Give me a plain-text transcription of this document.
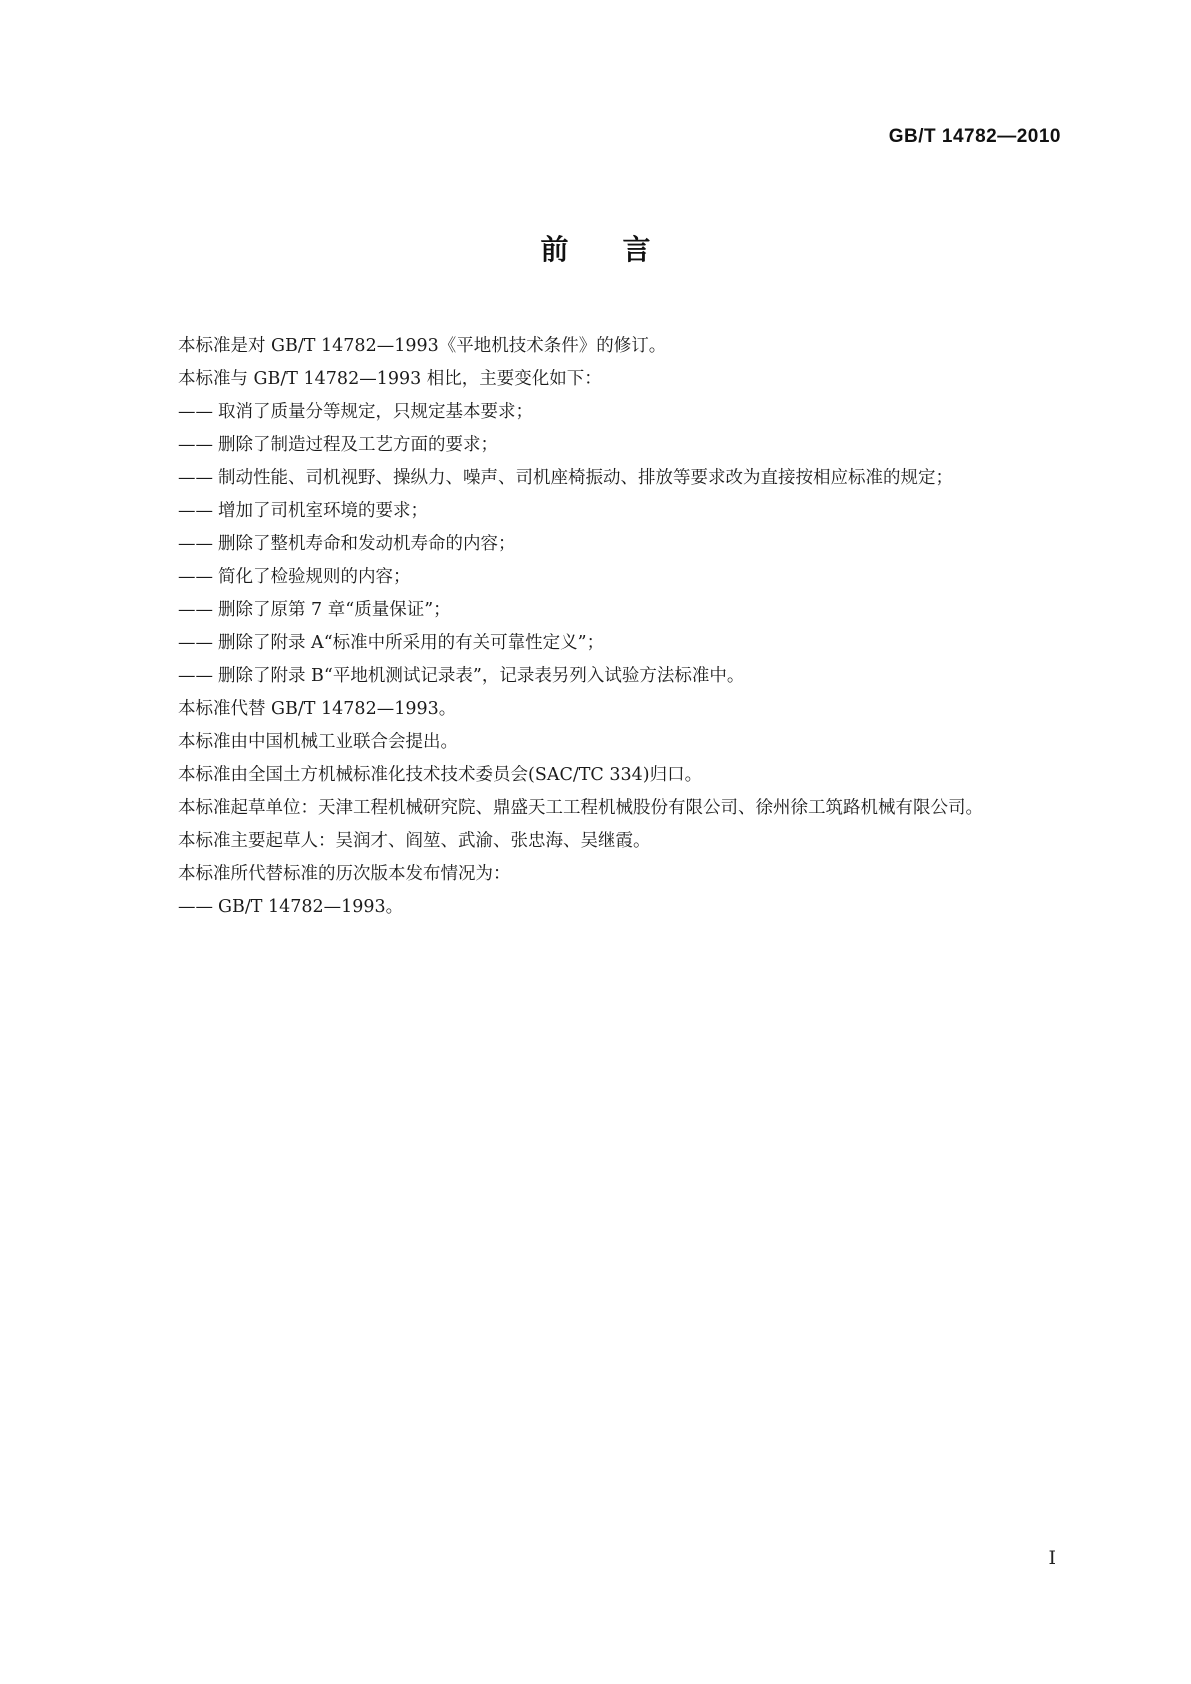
GB/T 14782—2010
前言

本标准是对 GB/T 14782—1993《平地机技术条件》的修订。

本标准与 GB/T 14782—1993 相比，主要变化如下：

—— 取消了质量分等规定，只规定基本要求；
—— 删除了制造过程及工艺方面的要求；
—— 制动性能、司机视野、操纵力、噪声、司机座椅振动、排放等要求改为直接按相应标准的规定；
—— 增加了司机室环境的要求；
—— 删除了整机寿命和发动机寿命的内容；
—— 简化了检验规则的内容；
—— 删除了原第 7 章“质量保证”；
—— 删除了附录 A“标准中所采用的有关可靠性定义”；
—— 删除了附录 B“平地机测试记录表”，记录表另列入试验方法标准中。

本标准代替 GB/T 14782—1993。

本标准由中国机械工业联合会提出。

本标准由全国土方机械标准化技术技术委员会(SAC/TC 334)归口。

本标准起草单位：天津工程机械研究院、鼎盛天工工程机械股份有限公司、徐州徐工筑路机械有限公司。

本标准主要起草人：吴润才、阎堃、武渝、张忠海、吴继霞。

本标准所代替标准的历次版本发布情况为：

—— GB/T 14782—1993。
I
